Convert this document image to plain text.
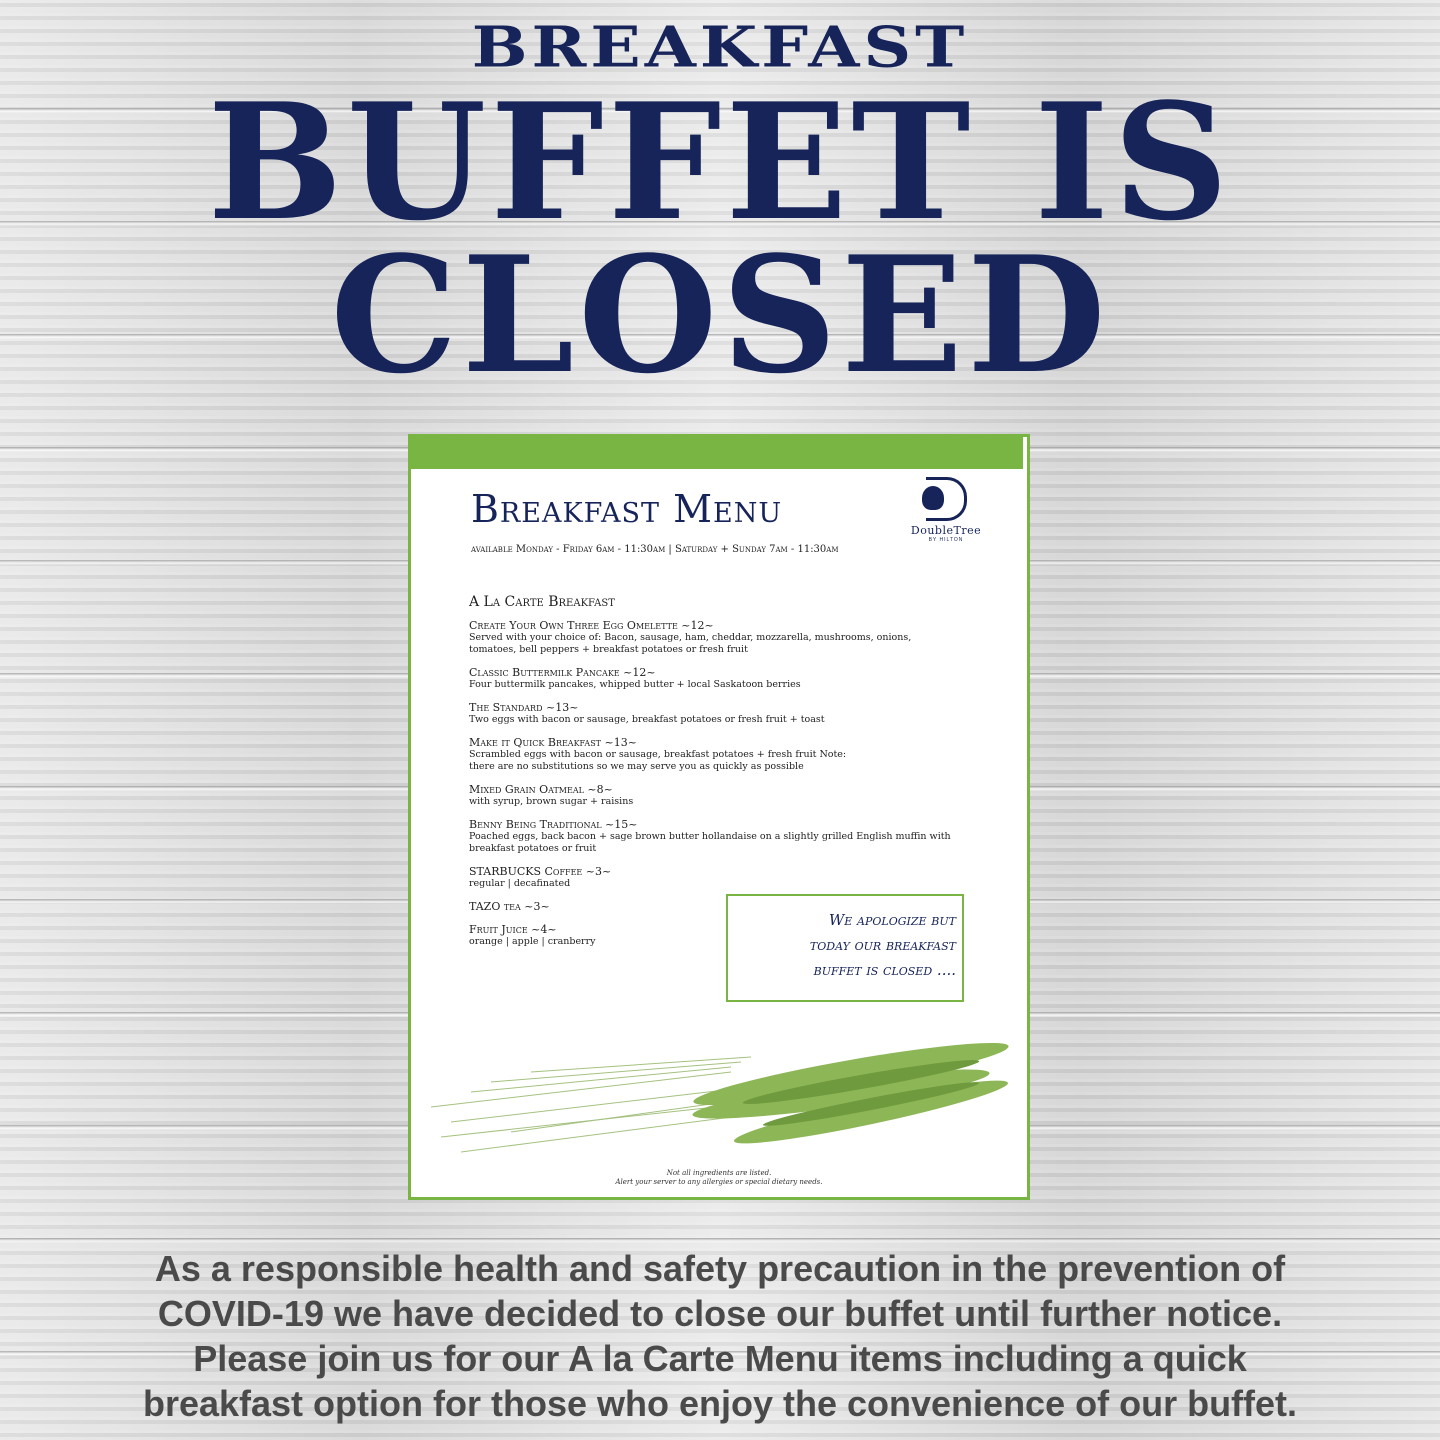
BREAKFAST
BUFFET IS
CLOSED
Breakfast Menu	DoubleTree
BY HILTON
available Monday - Friday 6am - 11:30am | Saturday + Sunday 7am - 11:30am
A La Carte Breakfast
Create Your Own Three Egg Omelette ~12~
Served with your choice of: Bacon, sausage, ham, cheddar, mozzarella, mushrooms, onions, tomatoes, bell peppers + breakfast potatoes or fresh fruit
Classic Buttermilk Pancake ~12~
Four buttermilk pancakes, whipped butter + local Saskatoon berries
The Standard ~13~
Two eggs with bacon or sausage, breakfast potatoes or fresh fruit + toast
Make it Quick Breakfast ~13~
Scrambled eggs with bacon or sausage, breakfast potatoes + fresh fruit Note: there are no substitutions so we may serve you as quickly as possible
Mixed Grain Oatmeal ~8~
with syrup, brown sugar + raisins
Benny Being Traditional ~15~
Poached eggs, back bacon + sage brown butter hollandaise on a slightly grilled English muffin with breakfast potatoes or fruit
STARBUCKS Coffee ~3~
regular | decafinated
TAZO tea ~3~
Fruit Juice ~4~
orange | apple | cranberry
We apologize but
today our breakfast
buffet is closed ....
Not all ingredients are listed.
Alert your server to any allergies or special dietary needs.
As a responsible health and safety precaution in the prevention of
COVID-19 we have decided to close our buffet until further notice.
Please join us for our A la Carte Menu items including a quick
breakfast option for those who enjoy the convenience of our buffet.
